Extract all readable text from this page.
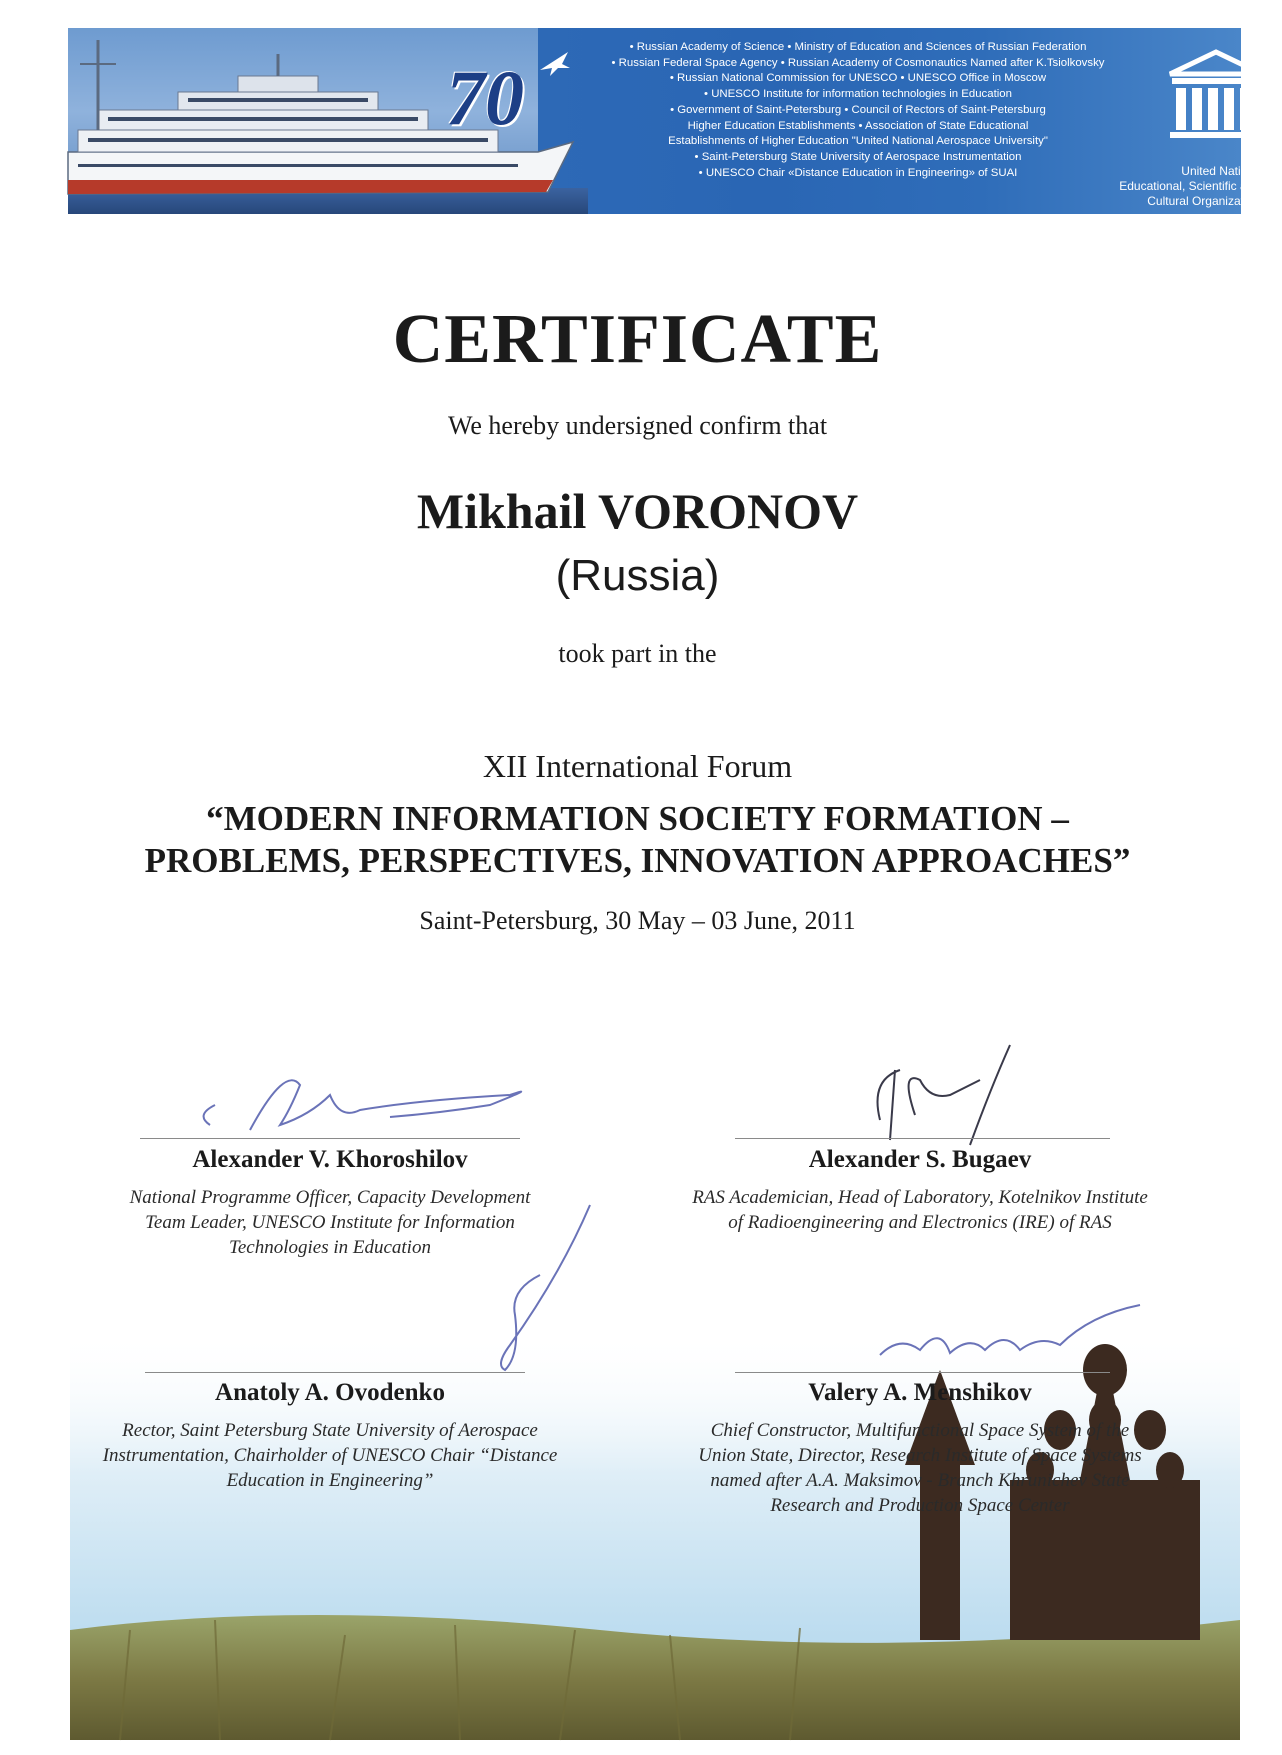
70
• Russian Academy of Science • Ministry of Education and Sciences of Russian Federation
• Russian Federal Space Agency • Russian Academy of Cosmonautics Named after K.Tsiolkovsky
• Russian National Commission for UNESCO • UNESCO Office in Moscow
• UNESCO Institute for information technologies in Education
• Government of Saint-Petersburg • Council of Rectors of Saint-Petersburg
Higher Education Establishments • Association of State Educational
Establishments of Higher Education "United National Aerospace University"
• Saint-Petersburg State University of Aerospace Instrumentation
• UNESCO Chair «Distance Education in Engineering» of SUAI	United Nations
Educational, Scientific and
Cultural Organization
CERTIFICATE
We hereby undersigned confirm that
Mikhail VORONOV
(Russia)
took part in the
XII International Forum
“MODERN INFORMATION SOCIETY FORMATION –
PROBLEMS, PERSPECTIVES, INNOVATION APPROACHES”
Saint-Petersburg, 30 May – 03 June, 2011
Alexander V. Khoroshilov
National Programme Officer, Capacity Development
Team Leader, UNESCO Institute for Information
Technologies in Education
Alexander S. Bugaev
RAS Academician, Head of Laboratory, Kotelnikov Institute
of Radioengineering and Electronics (IRE) of RAS
Anatoly A. Ovodenko
Rector, Saint Petersburg State University of Aerospace
Instrumentation, Chairholder of UNESCO Chair “Distance
Education in Engineering”
Valery A. Menshikov
Chief Constructor, Multifunctional Space System of the
Union State, Director, Research Institute of Space Systems
named after A.A. Maksimov - Branch Khrunichev State
Research and Production Space Center
